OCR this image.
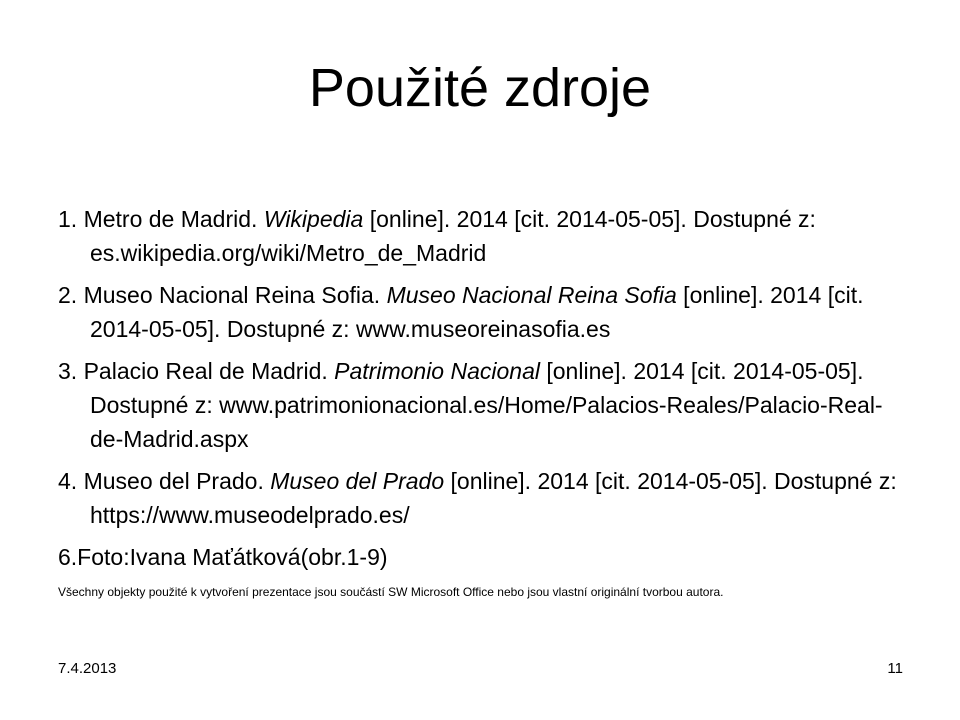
Použité zdroje
1. Metro de Madrid. Wikipedia [online]. 2014 [cit. 2014-05-05]. Dostupné z: es.wikipedia.org/wiki/Metro_de_Madrid
2. Museo Nacional Reina Sofia. Museo Nacional Reina Sofia [online]. 2014 [cit. 2014-05-05]. Dostupné z: www.museoreinasofia.es
3. Palacio Real de Madrid. Patrimonio Nacional [online]. 2014 [cit. 2014-05-05]. Dostupné z: www.patrimonionacional.es/Home/Palacios-Reales/Palacio-Real-de-Madrid.aspx
4. Museo del Prado. Museo del Prado [online]. 2014 [cit. 2014-05-05]. Dostupné z: https://www.museodelprado.es/
6.Foto:Ivana Maťátková(obr.1-9)
Všechny objekty použité k vytvoření prezentace jsou součástí SW Microsoft Office nebo jsou vlastní originální tvorbou autora.
7.4.2013	11
